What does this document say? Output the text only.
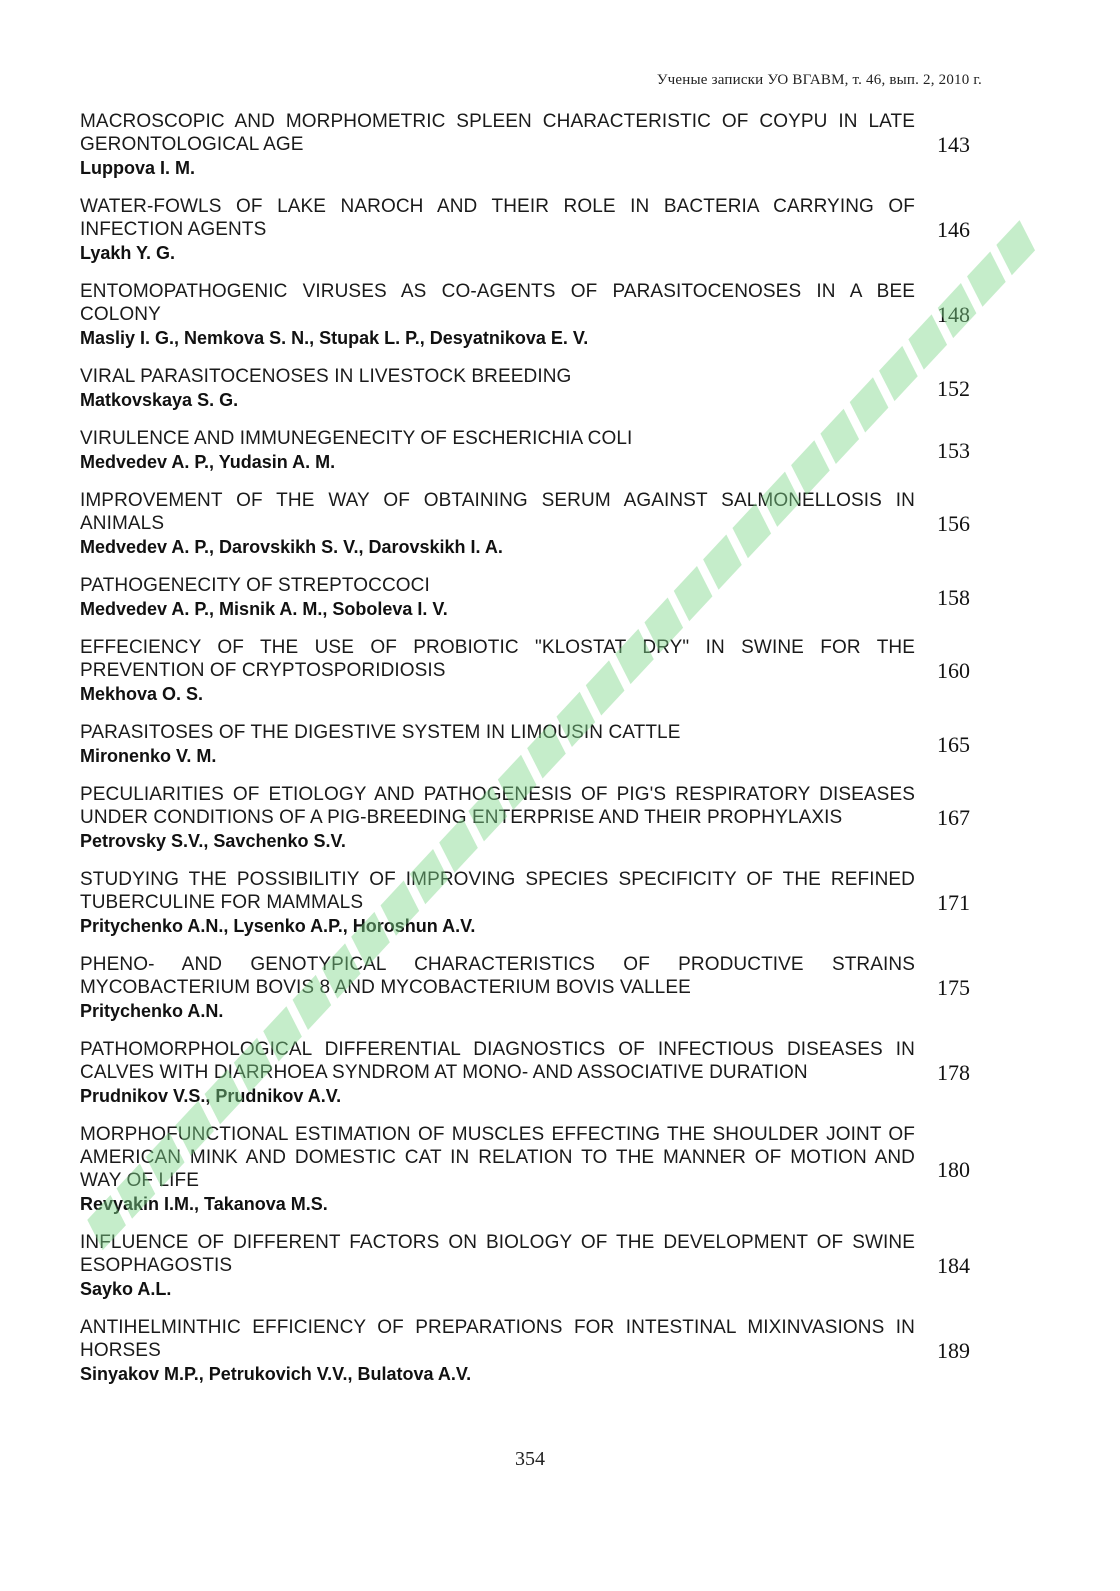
Ученые записки УО ВГАВМ, т. 46, вып. 2, 2010 г.
MACROSCOPIC AND MORPHOMETRIC SPLEEN CHARACTERISTIC OF COYPU IN LATE GERONTOLOGICAL AGE
Luppova I. M.
143
WATER-FOWLS OF LAKE NAROCH AND THEIR ROLE IN BACTERIA CARRYING OF INFECTION AGENTS
Lyakh Y. G.
146
ENTOMOPATHOGENIC VIRUSES AS CO-AGENTS OF PARASITOCENOSES IN A BEE COLONY
Masliy I. G., Nemkova S. N., Stupak L. P., Desyatnikova E. V.
148
VIRAL PARASITOCENOSES IN LIVESTOCK BREEDING
Matkovskaya S. G.	152
VIRULENCE AND IMMUNEGENECITY OF ESCHERICHIA COLI
Medvedev A. P., Yudasin A. M.	153
IMPROVEMENT OF THE WAY OF OBTAINING SERUM AGAINST SALMONELLOSIS IN ANIMALS
Medvedev A. P., Darovskikh S. V., Darovskikh I. A.
156
PATHOGENECITY OF STREPTOCCOCI
Medvedev A. P., Misnik A. M., Soboleva I. V.	158
EFFECIENCY OF THE USE OF PROBIOTIC "KLOSTAT DRY" IN SWINE FOR THE PREVENTION OF CRYPTOSPORIDIOSIS
Mekhova O. S.
160
PARASITOSES OF THE DIGESTIVE SYSTEM IN LIMOUSIN CATTLE
Mironenko V. M.	165
PECULIARITIES OF ETIOLOGY AND PATHOGENESIS OF PIG'S RESPIRATORY DISEASES UNDER CONDITIONS OF A PIG-BREEDING ENTERPRISE AND THEIR PROPHYLAXIS
Petrovsky S.V., Savchenko S.V.
167
STUDYING THE POSSIBILITIY OF IMPROVING SPECIES SPECIFICITY OF THE REFINED TUBERCULINE FOR MAMMALS
Pritychenko A.N., Lysenko A.P., Horoshun A.V.
171
PHENO- AND GENOTYPICAL CHARACTERISTICS OF PRODUCTIVE STRAINS MYCOBACTERIUM BOVIS 8 AND MYCOBACTERIUM BOVIS VALLEE
Pritychenko A.N.
175
PATHOMORPHOLOGICAL DIFFERENTIAL DIAGNOSTICS OF INFECTIOUS DISEASES IN CALVES WITH DIARRHOEA SYNDROM AT MONO- AND ASSOCIATIVE DURATION
Prudnikov V.S., Prudnikov A.V.
178
MORPHOFUNCTIONAL ESTIMATION OF MUSCLES EFFECTING THE SHOULDER JOINT OF AMERICAN MINK AND DOMESTIC CAT IN RELATION TO THE MANNER OF MOTION AND WAY OF LIFE
Revyakin I.M., Takanova M.S.
180
INFLUENCE OF DIFFERENT FACTORS ON BIOLOGY OF THE DEVELOPMENT OF SWINE ESOPHAGOSTIS
Sayko A.L.
184
ANTIHELMINTHIC EFFICIENCY OF PREPARATIONS FOR INTESTINAL MIXINVASIONS IN HORSES
Sinyakov M.P., Petrukovich V.V., Bulatova A.V.
189
354
